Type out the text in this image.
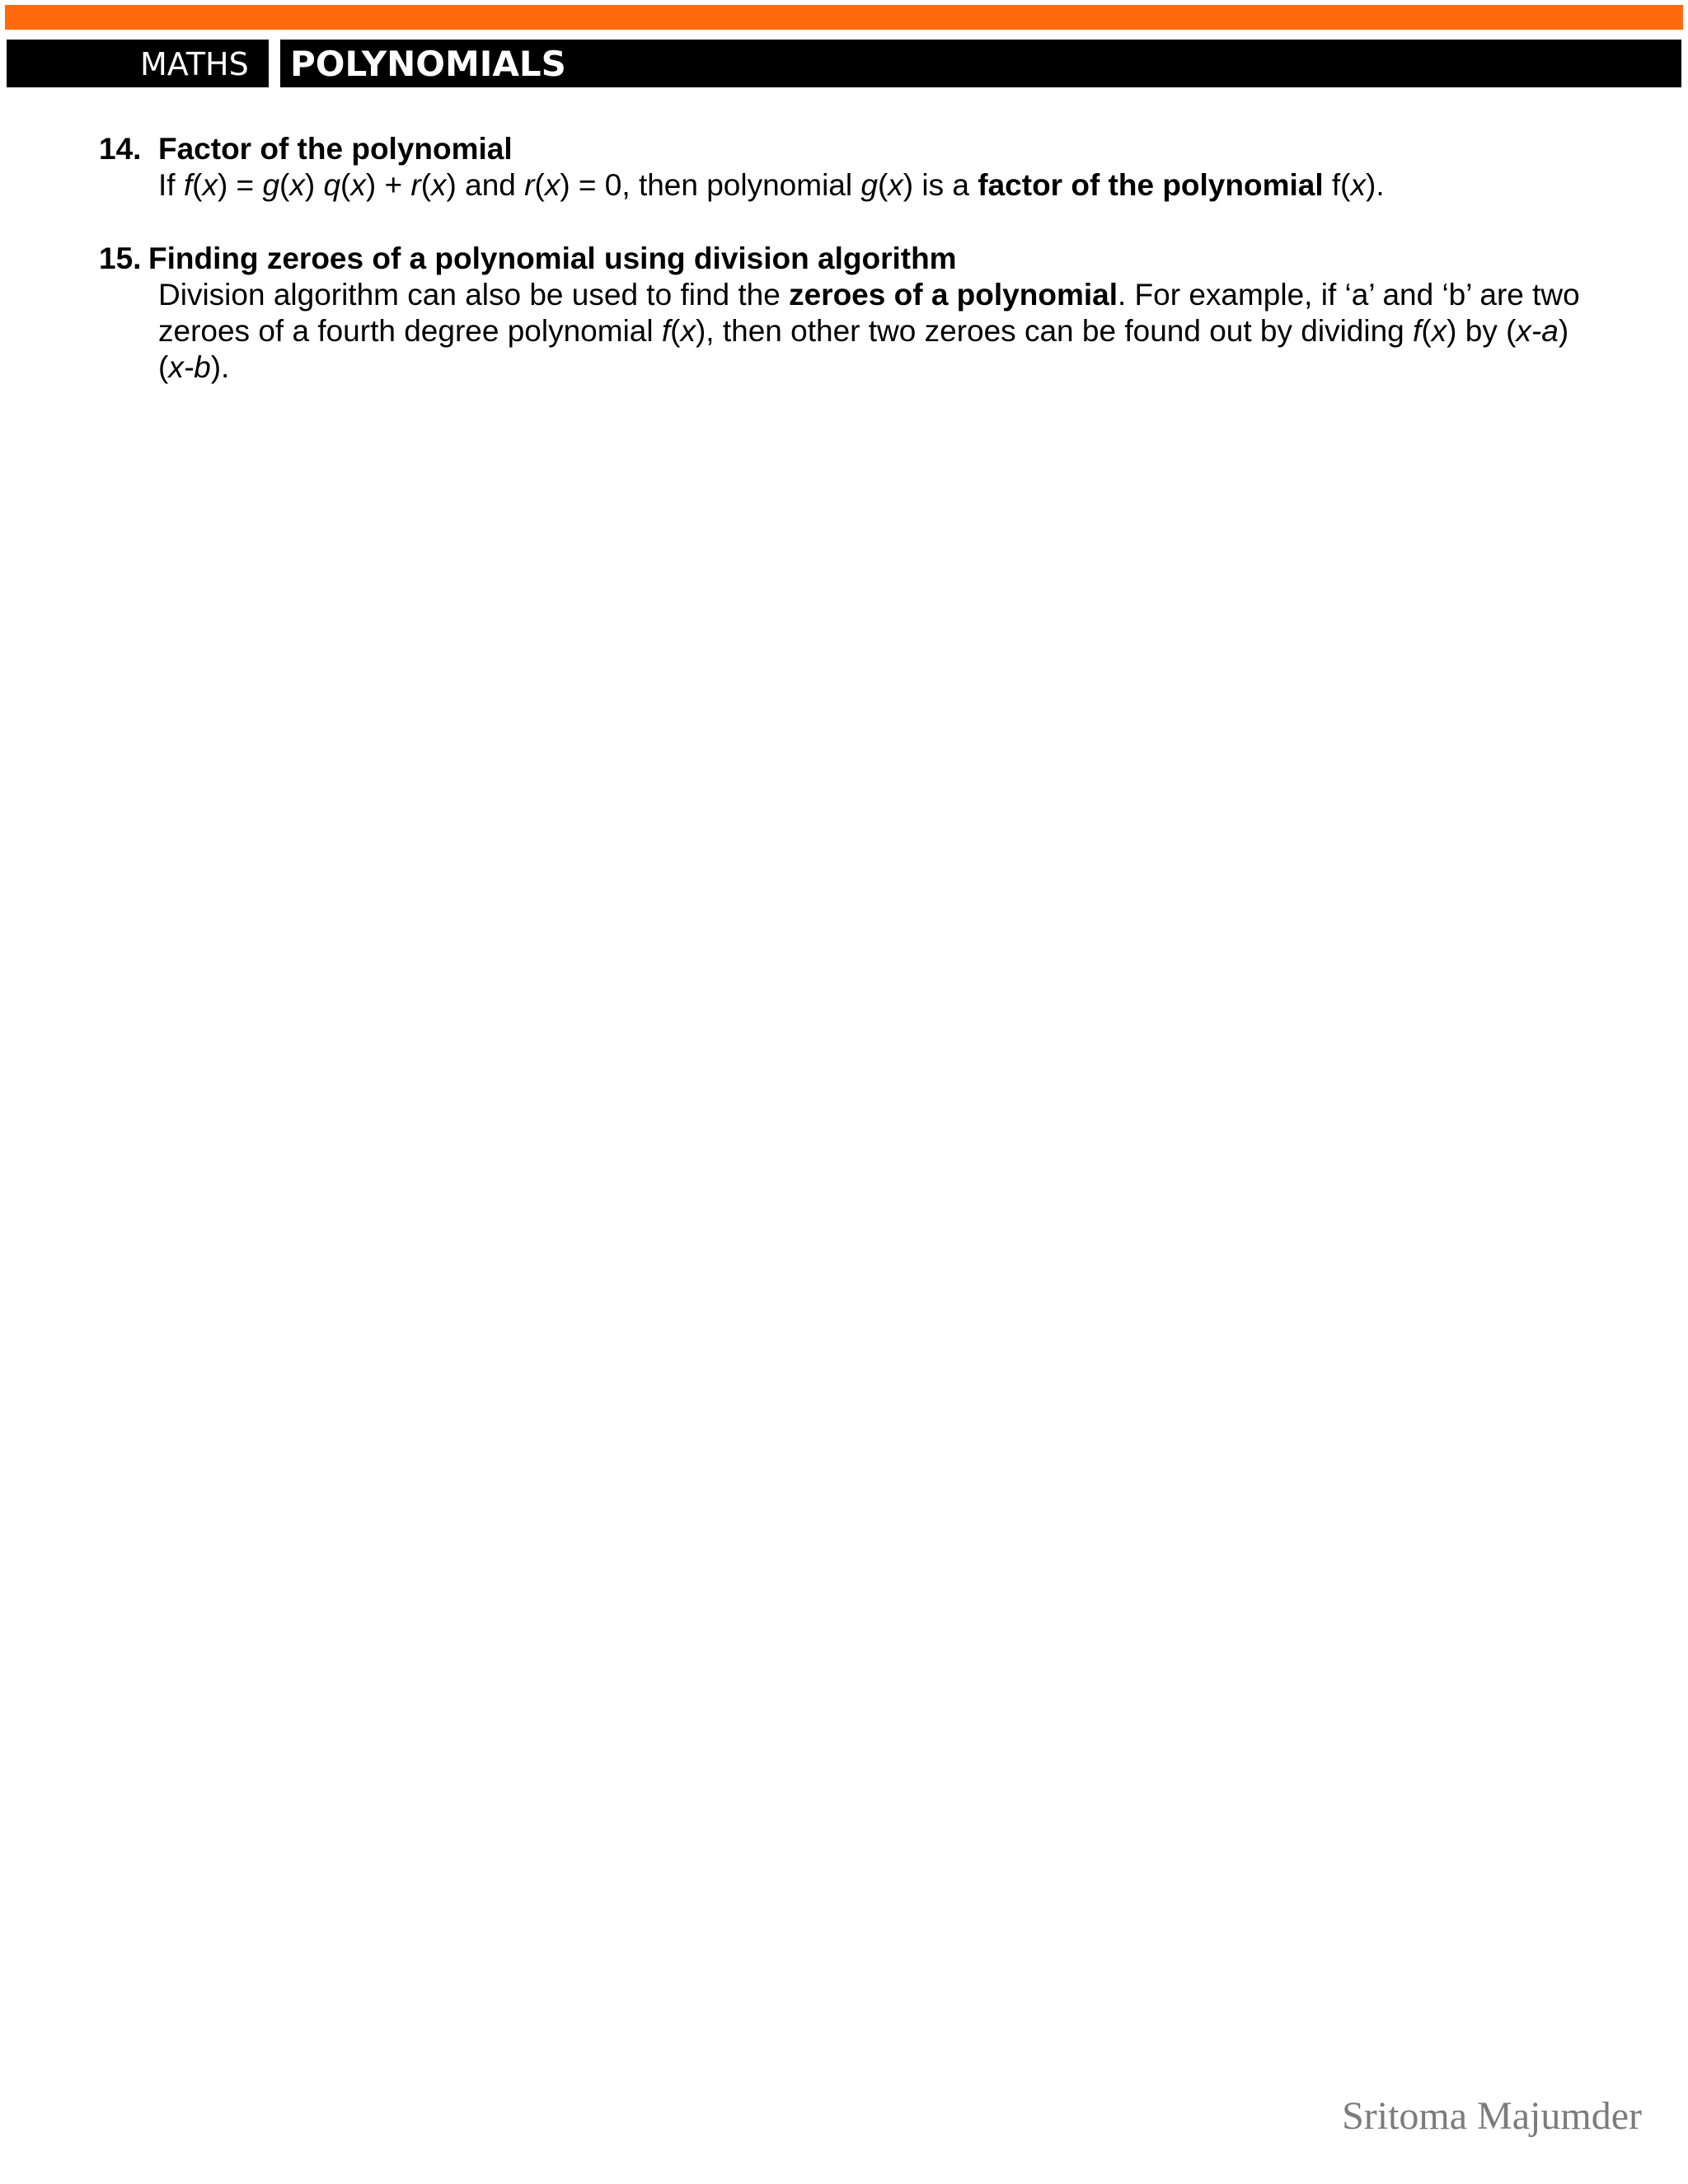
MATHS POLYNOMIALS
14. Factor of the polynomial
If f(x) = g(x) q(x) + r(x) and r(x) = 0, then polynomial g(x) is a factor of the polynomial f(x).
15. Finding zeroes of a polynomial using division algorithm
Division algorithm can also be used to find the zeroes of a polynomial. For example, if ‘a’ and ‘b’ are two zeroes of a fourth degree polynomial f(x), then other two zeroes can be found out by dividing f(x) by (x-a)(x-b).
Sritoma Majumder
